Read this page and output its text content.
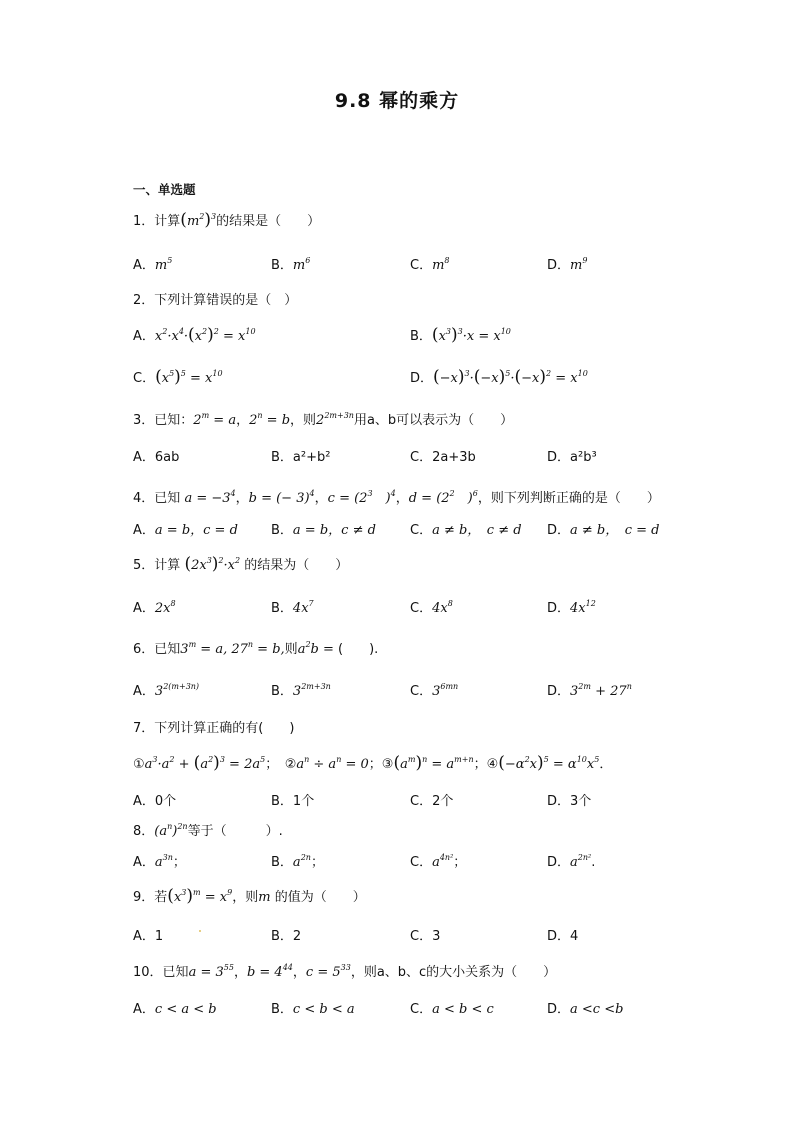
9.8 幂的乘方
一、单选题
1．计算$(m^2)^3$的结果是（　　）
A．$m^5$	B．$m^6$	C．$m^8$	D．$m^9$
2．下列计算错误的是（　）
A．$x^2\cdot x^4\cdot(x^2)^2 = x^{10}$	B．$(x^3)^3\cdot x = x^{10}$
C．$(x^5)^5 = x^{10}$	D．$(-x)^3\cdot(-x)^5\cdot(-x)^2 = x^{10}$
3．已知：$2^m = a$，$2^n = b$，则$2^{2m+3n}$用a、b可以表示为（　　）
A．6ab	B．a²+b²	C．2a+3b	D．a²b³
4．已知 $a = -3^4$，b = (− 3)$^4$，$c = (2^3$　)$^4$，$d = (2^2$　)$^6$，则下列判断正确的是（　　）
A．a = b，c = d	B．a = b，c ≠ d	C．a ≠ b，　c ≠ d D．a ≠ b，　c = d
5．计算 $(2x^3)^2\cdot x^2$ 的结果为（　　）
A．$2x^8$	B．$4x^7$	C．$4x^8$	D．$4x^{12}$
6．已知$3^m = a$, $27^n = b$,则$a^2b$ = (　　).
A．$3^{2(m+3n)}$	B．$3^{2m+3n}$	C．$3^{6mn}$	D．$3^{2m} + 27^n$
7．下列计算正确的有(　　)
$①a^3\cdot a^2 + (a^2)^3 = 2a^5$；　$②a^n \div a^n = 0$；$③(a^m)^n = a^{m+n}$；$④(-\alpha^2x)^5 = \alpha^{10}x^5$．
A．0个	B．1个	C．2个	D．3个
8．$(a^n)^{2n}$等于（　　　）.
A．$a^{3n}$；	B．$a^{2n}$；	C．$a^{4n^2}$；	D．$a^{2n^2}$.
9．若$(x^3)^m = x^9$，则m 的值为（　　）
A．1	B．2	C．3	D．4
10．已知$a = 3^{55}$，$b = 4^{44}$，$c = 5^{33}$，则a、b、c的大小关系为（　　）
A．c < a < b	B．c < b < a	C．a < b < c	D．a <c <b
